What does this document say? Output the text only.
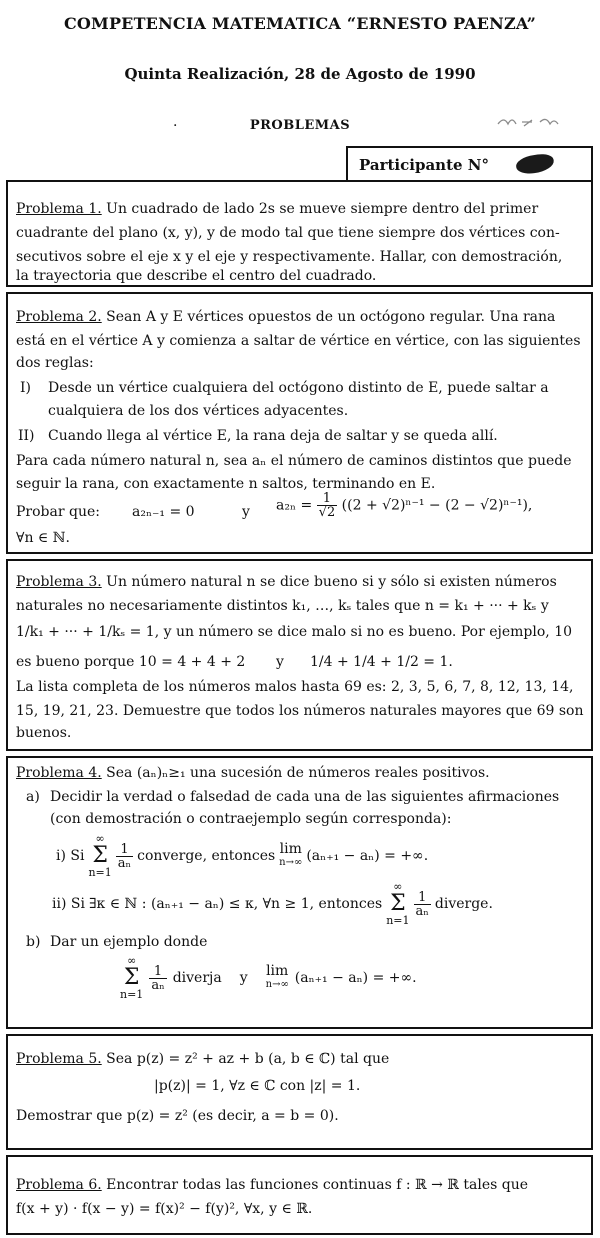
COMPETENCIA MATEMATICA “ERNESTO PAENZA”
Quinta Realización, 28 de Agosto de 1990
·	PROBLEMAS
Participante N°
Problema 1. Un cuadrado de lado 2s se mueve siempre dentro del primer
cuadrante del plano (x, y), y de modo tal que tiene siempre dos vértices con-
secutivos sobre el eje x y el eje y respectivamente. Hallar, con demostración,
la trayectoria que describe el centro del cuadrado.
Problema 2. Sean A y E vértices opuestos de un octógono regular. Una rana
está en el vértice A y comienza a saltar de vértice en vértice, con las siguientes
dos reglas:
I) Desde un vértice cualquiera del octógono distinto de E, puede saltar a
cualquiera de los dos vértices adyacentes.
II) Cuando llega al vértice E, la rana deja de saltar y se queda allí.
Para cada número natural n, sea aₙ el número de caminos distintos que puede
seguir la rana, con exactamente n saltos, terminando en E.
Probar que: a₂ₙ₋₁ = 0	y $a_{2n} = \frac{1}{√2} ((2 + √2)^{n-1} - (2 - √2)^{n-1})$,
∀n ∈ ℕ.
Problema 3. Un número natural n se dice bueno si y sólo si existen números
naturales no necesariamente distintos k₁, …, kₛ tales que n = k₁ + ··· + kₛ y
1/k₁ + ··· + 1/kₛ = 1, y un número se dice malo si no es bueno. Por ejemplo, 10
es bueno porque 10 = 4 + 4 + 2 y 1/4 + 1/4 + 1/2 = 1.
La lista completa de los números malos hasta 69 es: 2, 3, 5, 6, 7, 8, 12, 13, 14,
15, 19, 21, 23. Demuestre que todos los números naturales mayores que 69 son
buenos.
Problema 4. Sea (aₙ)ₙ≥₁ una sucesión de números reales positivos.
a) Decidir la verdad o falsedad de cada una de las siguientes afirmaciones
(con demostración o contraejemplo según corresponda):
i) Si
∞
Σ
n=1
$\frac{1}{\text{aₙ}}$ converge, entonces lim
n→∞ (aₙ₊₁ − aₙ) = +∞.
ii) Si ∃κ ∈ ℕ : (aₙ₊₁ − aₙ) ≤ κ, ∀n ≥ 1, entonces
∞
Σ
n=1
$\frac{1}{\text{aₙ}}$ diverge.
b) Dar un ejemplo donde
∞
Σ
n=1
$\frac{1}{\text{aₙ}}$ diverja y lim
n→∞ (aₙ₊₁ − aₙ) = +∞.
Problema 5. Sea p(z) = z² + az + b (a, b ∈ ℂ) tal que
|p(z)| = 1, ∀z ∈ ℂ con |z| = 1.
Demostrar que p(z) = z² (es decir, a = b = 0).
Problema 6. Encontrar todas las funciones continuas f : ℝ → ℝ tales que
f(x + y) · f(x − y) = f(x)² − f(y)², ∀x, y ∈ ℝ.
